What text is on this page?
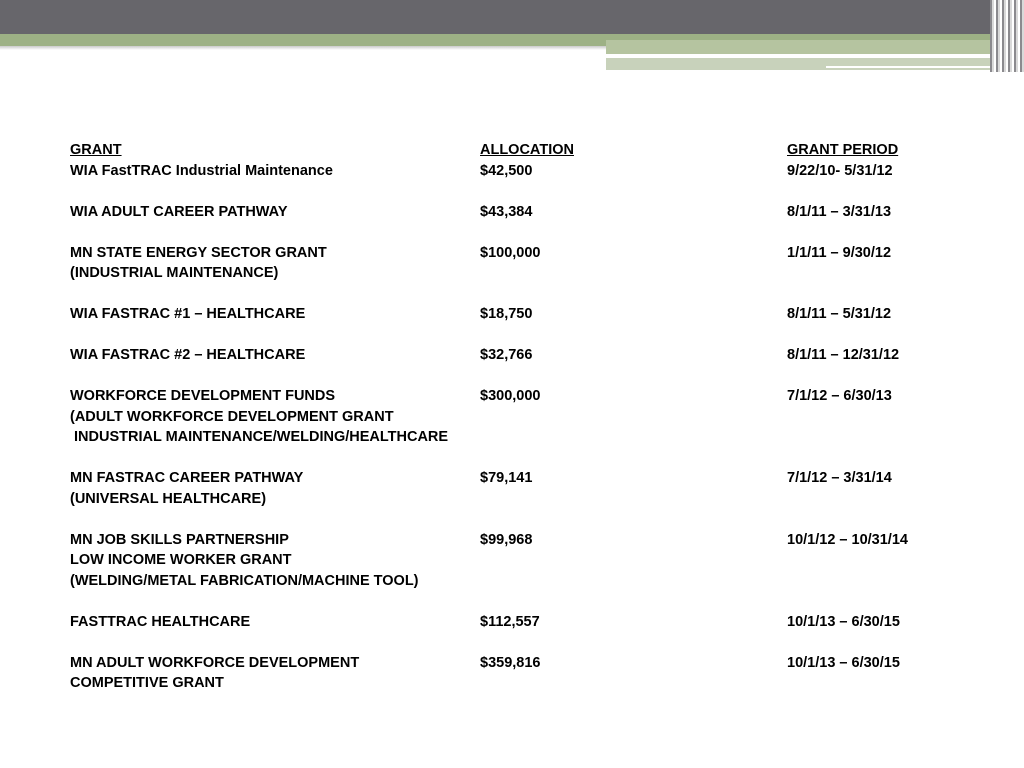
GRANT	ALLOCATION	GRANT PERIOD
WIA FastTRAC Industrial Maintenance	$42,500	9/22/10- 5/31/12
WIA ADULT CAREER PATHWAY	$43,384	8/1/11 – 3/31/13
MN STATE ENERGY SECTOR GRANT	$100,000	1/1/11 – 9/30/12
(INDUSTRIAL MAINTENANCE)
WIA FASTRAC #1 – HEALTHCARE	$18,750	8/1/11 – 5/31/12
WIA FASTRAC #2 – HEALTHCARE	$32,766	8/1/11 – 12/31/12
WORKFORCE DEVELOPMENT FUNDS	$300,000	7/1/12 – 6/30/13
(ADULT WORKFORCE DEVELOPMENT GRANT
INDUSTRIAL MAINTENANCE/WELDING/HEALTHCARE
MN FASTRAC CAREER PATHWAY	$79,141	7/1/12 – 3/31/14
(UNIVERSAL HEALTHCARE)
MN JOB SKILLS PARTNERSHIP	$99,968	10/1/12 – 10/31/14
LOW INCOME WORKER GRANT
(WELDING/METAL FABRICATION/MACHINE TOOL)
FASTTRAC HEALTHCARE	$112,557	10/1/13 – 6/30/15
MN ADULT WORKFORCE DEVELOPMENT	$359,816	10/1/13 – 6/30/15
COMPETITIVE GRANT
